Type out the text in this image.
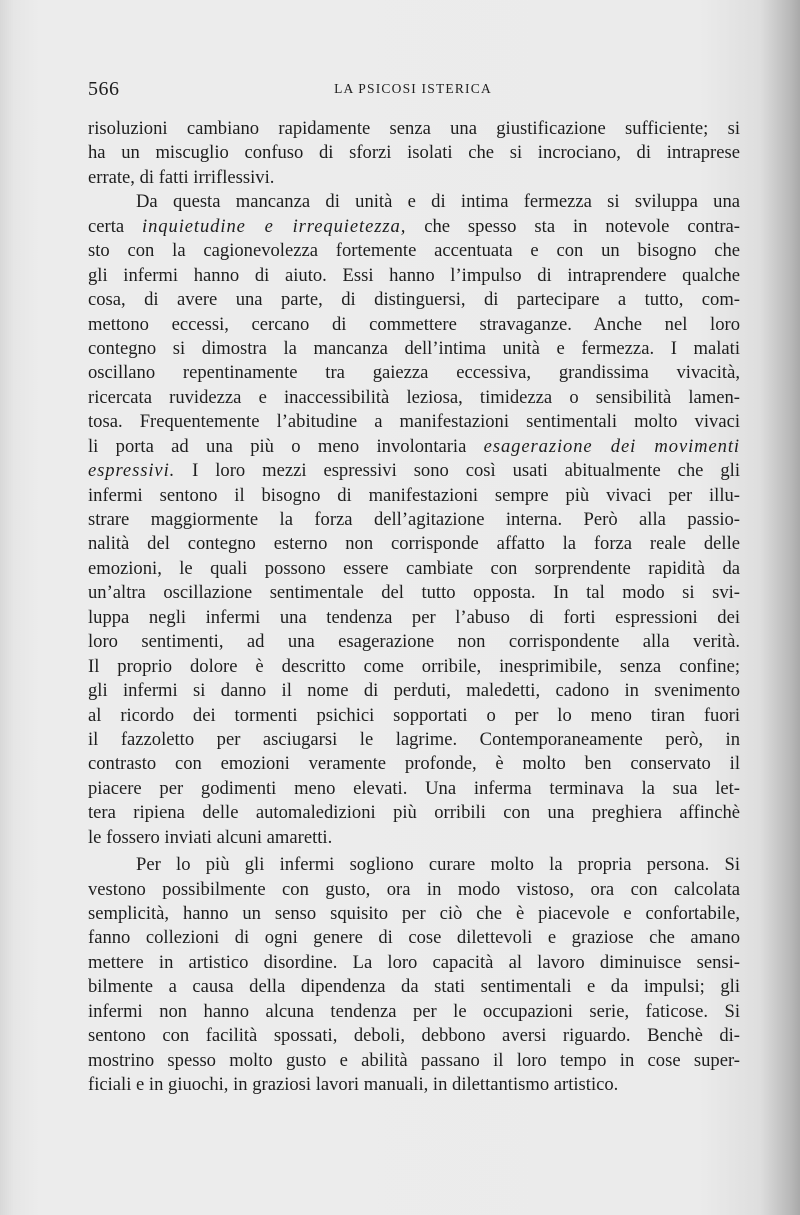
566	LA PSICOSI ISTERICA

risoluzioni cambiano rapidamente senza una giustificazione sufficiente; si
ha un miscuglio confuso di sforzi isolati che si incrociano, di intraprese
errate, di fatti irriflessivi.

Da questa mancanza di unità e di intima fermezza si sviluppa una
certa inquietudine e irrequietezza, che spesso sta in notevole contra-
sto con la cagionevolezza fortemente accentuata e con un bisogno che
gli infermi hanno di aiuto. Essi hanno l’impulso di intraprendere qualche
cosa, di avere una parte, di distinguersi, di partecipare a tutto, com-
mettono eccessi, cercano di commettere stravaganze. Anche nel loro
contegno si dimostra la mancanza dell’intima unità e fermezza. I malati
oscillano repentinamente tra gaiezza eccessiva, grandissima vivacità,
ricercata ruvidezza e inaccessibilità leziosa, timidezza o sensibilità lamen-
tosa. Frequentemente l’abitudine a manifestazioni sentimentali molto vivaci
li porta ad una più o meno involontaria esagerazione dei movimenti
espressivi. I loro mezzi espressivi sono così usati abitualmente che gli
infermi sentono il bisogno di manifestazioni sempre più vivaci per illu-
strare maggiormente la forza dell’agitazione interna. Però alla passio-
nalità del contegno esterno non corrisponde affatto la forza reale delle
emozioni, le quali possono essere cambiate con sorprendente rapidità da
un’altra oscillazione sentimentale del tutto opposta. In tal modo si svi-
luppa negli infermi una tendenza per l’abuso di forti espressioni dei
loro sentimenti, ad una esagerazione non corrispondente alla verità.
Il proprio dolore è descritto come orribile, inesprimibile, senza confine;
gli infermi si danno il nome di perduti, maledetti, cadono in svenimento
al ricordo dei tormenti psichici sopportati o per lo meno tiran fuori
il fazzoletto per asciugarsi le lagrime. Contemporaneamente però, in
contrasto con emozioni veramente profonde, è molto ben conservato il
piacere per godimenti meno elevati. Una inferma terminava la sua let-
tera ripiena delle automaledizioni più orribili con una preghiera affinchè
le fossero inviati alcuni amaretti.

Per lo più gli infermi sogliono curare molto la propria persona. Si
vestono possibilmente con gusto, ora in modo vistoso, ora con calcolata
semplicità, hanno un senso squisito per ciò che è piacevole e confortabile,
fanno collezioni di ogni genere di cose dilettevoli e graziose che amano
mettere in artistico disordine. La loro capacità al lavoro diminuisce sensi-
bilmente a causa della dipendenza da stati sentimentali e da impulsi; gli
infermi non hanno alcuna tendenza per le occupazioni serie, faticose. Si
sentono con facilità spossati, deboli, debbono aversi riguardo. Benchè di-
mostrino spesso molto gusto e abilità passano il loro tempo in cose super-
ficiali e in giuochi, in graziosi lavori manuali, in dilettantismo artistico.
